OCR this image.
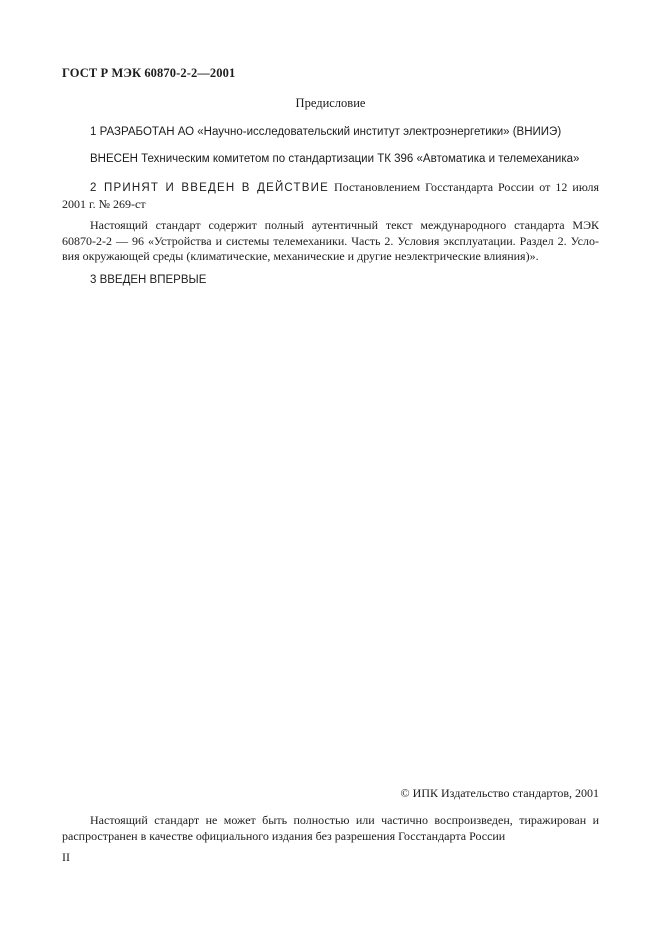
ГОСТ Р МЭК 60870-2-2—2001
Предисловие
1 РАЗРАБОТАН АО «Научно-исследовательский институт электроэнергетики» (ВНИИЭ)
ВНЕСЕН Техническим комитетом по стандартизации ТК 396 «Автоматика и телемеханика»
2 ПРИНЯТ И ВВЕДЕН В ДЕЙСТВИЕ Постановлением Госстандарта России от 12 июля
2001 г. № 269-ст
Настоящий стандарт содержит полный аутентичный текст международного стандарта МЭК
60870-2-2 — 96 «Устройства и системы телемеханики. Часть 2. Условия эксплуатации. Раздел 2. Усло-
вия окружающей среды (климатические, механические и другие неэлектрические влияния)».
3 ВВЕДЕН ВПЕРВЫЕ
© ИПК Издательство стандартов, 2001
Настоящий стандарт не может быть полностью или частично воспроизведен, тиражирован и
распространен в качестве официального издания без разрешения Госстандарта России
II
